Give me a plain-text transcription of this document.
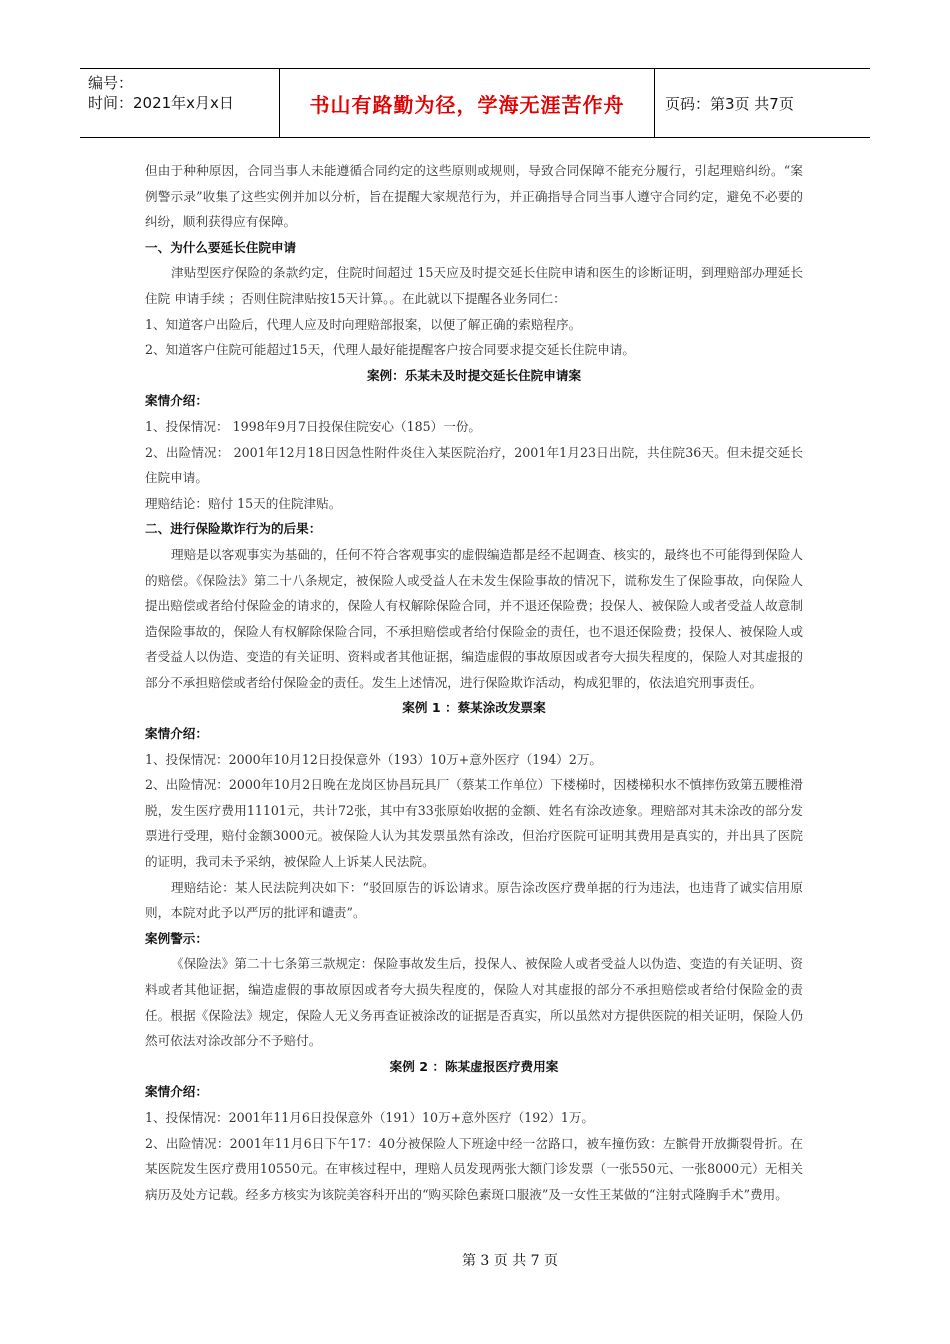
编号：
时间：2021年x月x日	书山有路勤为径，学海无涯苦作舟	页码：第3页 共7页
但由于种种原因，合同当事人未能遵循合同约定的这些原则或规则，导致合同保障不能充分履行，引起理赔纠纷。“案例警示录”收集了这些实例并加以分析，旨在提醒大家规范行为，并正确指导合同当事人遵守合同约定，避免不必要的纠纷，顺利获得应有保障。
一、为什么要延长住院申请
津贴型医疗保险的条款约定，住院时间超过 15天应及时提交延长住院申请和医生的诊断证明，到理赔部办理延长住院 申请手续 ；否则住院津贴按15天计算。。在此就以下提醒各业务同仁：
1、知道客户出险后，代理人应及时向理赔部报案，以便了解正确的索赔程序。
2、知道客户住院可能超过15天，代理人最好能提醒客户按合同要求提交延长住院申请。
案例：乐某未及时提交延长住院申请案
案情介绍：
1、投保情况： 1998年9月7日投保住院安心（185）一份。
2、出险情况： 2001年12月18日因急性附件炎住入某医院治疗，2001年1月23日出院，共住院36天。但未提交延长住院申请。
理赔结论：赔付 15天的住院津贴。
二、进行保险欺诈行为的后果：
理赔是以客观事实为基础的，任何不符合客观事实的虚假编造都是经不起调查、核实的，最终也不可能得到保险人的赔偿。《保险法》第二十八条规定，被保险人或受益人在未发生保险事故的情况下，谎称发生了保险事故，向保险人提出赔偿或者给付保险金的请求的，保险人有权解除保险合同，并不退还保险费；投保人、被保险人或者受益人故意制造保险事故的，保险人有权解除保险合同，不承担赔偿或者给付保险金的责任，也不退还保险费；投保人、被保险人或者受益人以伪造、变造的有关证明、资料或者其他证据，编造虚假的事故原因或者夸大损失程度的，保险人对其虚报的部分不承担赔偿或者给付保险金的责任。发生上述情况，进行保险欺诈活动，构成犯罪的，依法追究刑事责任。
案例 1 ：蔡某涂改发票案
案情介绍：
1、投保情况：2000年10月12日投保意外（193）10万+意外医疗（194）2万。
2、出险情况：2000年10月2日晚在龙岗区协昌玩具厂（蔡某工作单位）下楼梯时，因楼梯积水不慎摔伤致第五腰椎滑脱，发生医疗费用11101元，共计72张，其中有33张原始收据的金额、姓名有涂改迹象。理赔部对其未涂改的部分发票进行受理，赔付金额3000元。被保险人认为其发票虽然有涂改，但治疗医院可证明其费用是真实的，并出具了医院的证明，我司未予采纳，被保险人上诉某人民法院。
理赔结论：某人民法院判决如下：“驳回原告的诉讼请求。原告涂改医疗费单据的行为违法，也违背了诚实信用原则，本院对此予以严厉的批评和谴责”。
案例警示：
《保险法》第二十七条第三款规定：保险事故发生后，投保人、被保险人或者受益人以伪造、变造的有关证明、资料或者其他证据，编造虚假的事故原因或者夸大损失程度的，保险人对其虚报的部分不承担赔偿或者给付保险金的责任。根据《保险法》规定，保险人无义务再查证被涂改的证据是否真实，所以虽然对方提供医院的相关证明，保险人仍然可依法对涂改部分不予赔付。
案例 2 ：陈某虚报医疗费用案
案情介绍：
1、投保情况：2001年11月6日投保意外（191）10万+意外医疗（192）1万。
2、出险情况：2001年11月6日下午17：40分被保险人下班途中经一岔路口，被车撞伤致：左髌骨开放撕裂骨折。在某医院发生医疗费用10550元。在审核过程中，理赔人员发现两张大额门诊发票（一张550元、一张8000元）无相关病历及处方记载。经多方核实为该院美容科开出的“购买除色素斑口服液”及一女性王某做的“注射式隆胸手术”费用。
第 3 页 共 7 页
